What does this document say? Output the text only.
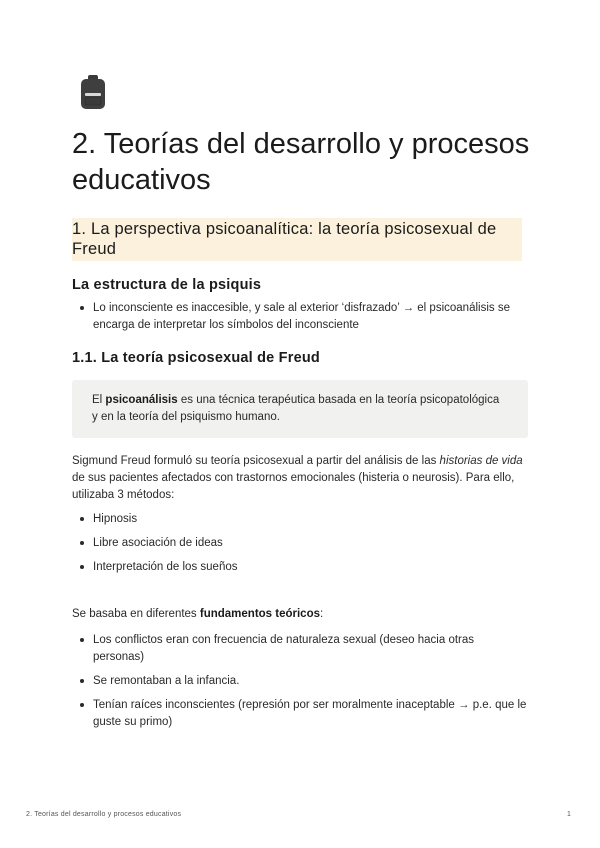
2. Teorías del desarrollo y procesos educativos
1. La perspectiva psicoanalítica: la teoría psicosexual de Freud
La estructura de la psiquis
Lo inconsciente es inaccesible, y sale al exterior ‘disfrazado’ → el psicoanálisis se encarga de interpretar los símbolos del inconsciente
1.1. La teoría psicosexual de Freud

El psicoanálisis es una técnica terapéutica basada en la teoría psicopatológica y en la teoría del psiquismo humano.

Sigmund Freud formuló su teoría psicosexual a partir del análisis de las historias de vida de sus pacientes afectados con trastornos emocionales (histeria o neurosis). Para ello, utilizaba 3 métodos:

Hipnosis
Libre asociación de ideas
Interpretación de los sueños

Se basaba en diferentes fundamentos teóricos:

Los conflictos eran con frecuencia de naturaleza sexual (deseo hacia otras personas)
Se remontaban a la infancia.
Tenían raíces inconscientes (represión por ser moralmente inaceptable → p.e. que le guste su primo)
2. Teorías del desarrollo y procesos educativos	1
